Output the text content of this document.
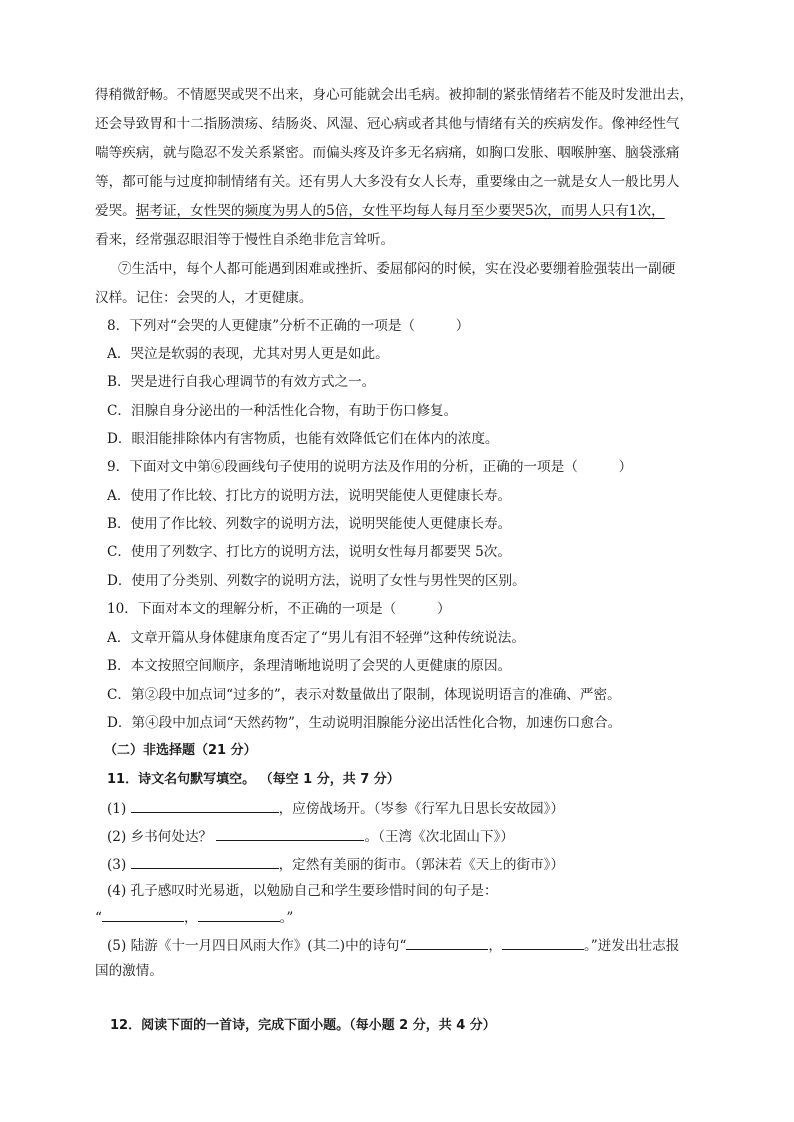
得稍微舒畅。不情愿哭或哭不出来，身心可能就会出毛病。被抑制的紧张情绪若不能及时发泄出去，
还会导致胃和十二指肠溃疡、结肠炎、风湿、冠心病或者其他与情绪有关的疾病发作。像神经性气
喘等疾病，就与隐忍不发关系紧密。而偏头疼及许多无名病痛，如胸口发胀、咽喉肿塞、脑袋涨痛
等，都可能与过度抑制情绪有关。还有男人大多没有女人长寿，重要缘由之一就是女人一般比男人
爱哭。据考证，女性哭的频度为男人的5倍，女性平均每人每月至少要哭5次，而男人只有1次，
看来，经常强忍眼泪等于慢性自杀绝非危言耸听。
⑦生活中，每个人都可能遇到困难或挫折、委屈郁闷的时候，实在没必要绷着脸强装出一副硬
汉样。记住：会哭的人，才更健康。
8．下列对“会哭的人更健康”分析不正确的一项是（　　　）
A．哭泣是软弱的表现，尤其对男人更是如此。
B．哭是进行自我心理调节的有效方式之一。
C．泪腺自身分泌出的一种活性化合物，有助于伤口修复。
D．眼泪能排除体内有害物质，也能有效降低它们在体内的浓度。
9．下面对文中第⑥段画线句子使用的说明方法及作用的分析，正确的一项是（　　　）
A．使用了作比较、打比方的说明方法，说明哭能使人更健康长寿。
B．使用了作比较、列数字的说明方法，说明哭能使人更健康长寿。
C．使用了列数字、打比方的说明方法，说明女性每月都要哭 5次。
D．使用了分类别、列数字的说明方法，说明了女性与男性哭的区别。
10．下面对本文的理解分析，不正确的一项是（　　　）
A．文章开篇从身体健康角度否定了“男儿有泪不轻弹”这种传统说法。
B．本文按照空间顺序，条理清晰地说明了会哭的人更健康的原因。
C．第②段中加点词“过多的”，表示对数量做出了限制，体现说明语言的准确、严密。
D．第④段中加点词“天然药物”，生动说明泪腺能分泌出活性化合物，加速伤口愈合。
（二）非选择题（21 分）
11．诗文名句默写填空。 （每空 1 分，共 7 分）
(1)	，应傍战场开。（岑参《行军九日思长安故园》）
(2) 乡书何处达？	。（王湾《次北固山下》）
(3)	，定然有美丽的街市。（郭沫若《天上的街市》）
(4) 孔子感叹时光易逝，以勉励自己和学生要珍惜时间的句子是：
“	，	。”
(5) 陆游《十一月四日风雨大作》(其二)中的诗句“	，	。”迸发出壮志报
国的激情。
12．阅读下面的一首诗，完成下面小题。（每小题 2 分，共 4 分）
